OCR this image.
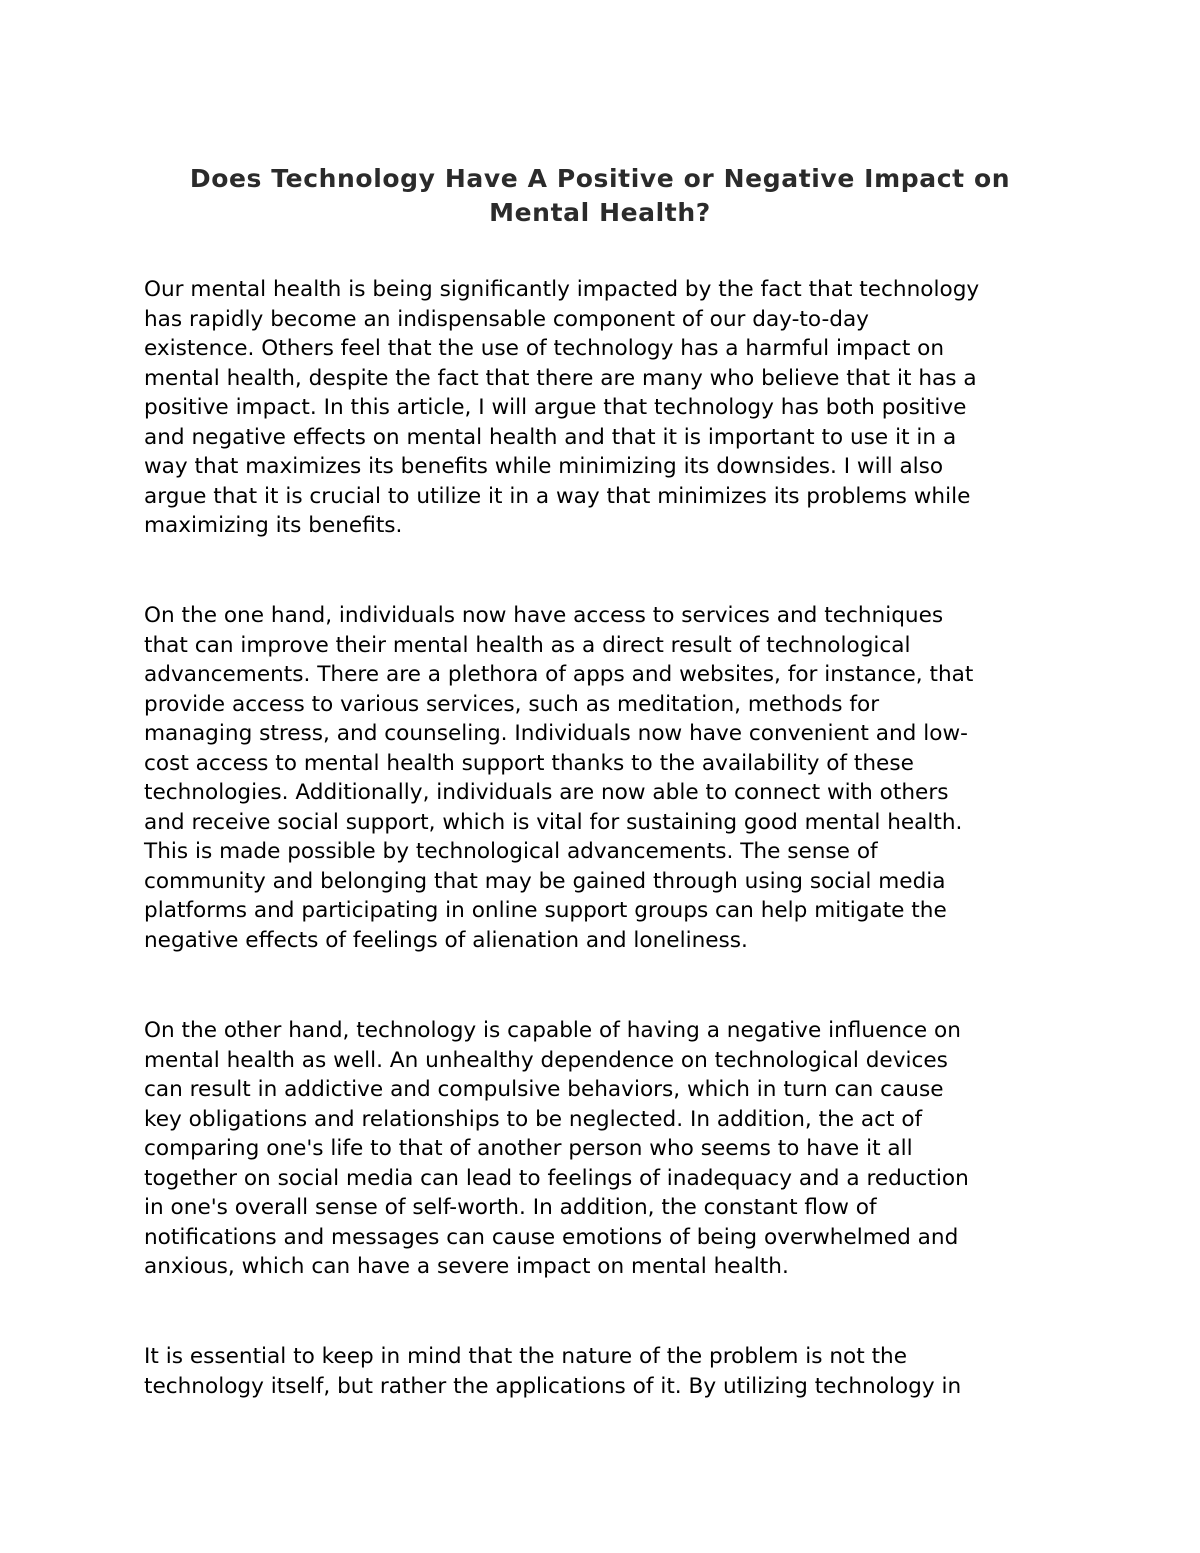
Does Technology Have A Positive or Negative Impact on
Mental Health?
Our mental health is being significantly impacted by the fact that technology
has rapidly become an indispensable component of our day-to-day
existence. Others feel that the use of technology has a harmful impact on
mental health, despite the fact that there are many who believe that it has a
positive impact. In this article, I will argue that technology has both positive
and negative effects on mental health and that it is important to use it in a
way that maximizes its benefits while minimizing its downsides. I will also
argue that it is crucial to utilize it in a way that minimizes its problems while
maximizing its benefits.
On the one hand, individuals now have access to services and techniques
that can improve their mental health as a direct result of technological
advancements. There are a plethora of apps and websites, for instance, that
provide access to various services, such as meditation, methods for
managing stress, and counseling. Individuals now have convenient and low-
cost access to mental health support thanks to the availability of these
technologies. Additionally, individuals are now able to connect with others
and receive social support, which is vital for sustaining good mental health.
This is made possible by technological advancements. The sense of
community and belonging that may be gained through using social media
platforms and participating in online support groups can help mitigate the
negative effects of feelings of alienation and loneliness.
On the other hand, technology is capable of having a negative influence on
mental health as well. An unhealthy dependence on technological devices
can result in addictive and compulsive behaviors, which in turn can cause
key obligations and relationships to be neglected. In addition, the act of
comparing one's life to that of another person who seems to have it all
together on social media can lead to feelings of inadequacy and a reduction
in one's overall sense of self-worth. In addition, the constant flow of
notifications and messages can cause emotions of being overwhelmed and
anxious, which can have a severe impact on mental health.
It is essential to keep in mind that the nature of the problem is not the
technology itself, but rather the applications of it. By utilizing technology in
